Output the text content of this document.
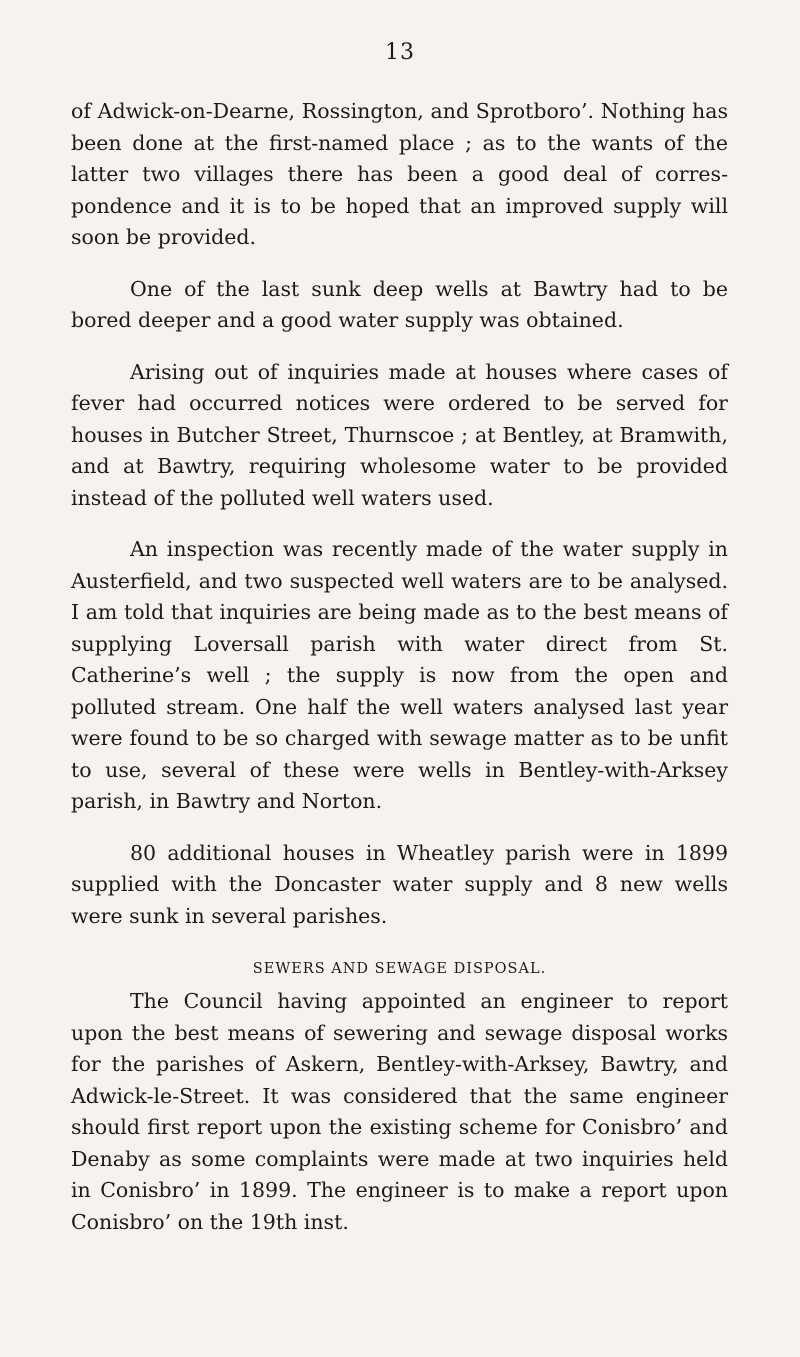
13

of Adwick-on-Dearne, Rossington, and Sprotboro’. Nothing has been done at the first-named place ; as to the wants of the latter two villages there has been a good deal of correspondence and it is to be hoped that an improved supply will soon be provided.

One of the last sunk deep wells at Bawtry had to be bored deeper and a good water supply was obtained.

Arising out of inquiries made at houses where cases of fever had occurred notices were ordered to be served for houses in Butcher Street, Thurnscoe ; at Bentley, at Bramwith, and at Bawtry, requiring wholesome water to be provided instead of the polluted well waters used.

An inspection was recently made of the water supply in Austerfield, and two suspected well waters are to be analysed. I am told that inquiries are being made as to the best means of supplying Loversall parish with water direct from St. Catherine’s well ; the supply is now from the open and polluted stream. One half the well waters analysed last year were found to be so charged with sewage matter as to be unfit to use, several of these were wells in Bentley-with-Arksey parish, in Bawtry and Norton.

80 additional houses in Wheatley parish were in 1899 supplied with the Doncaster water supply and 8 new wells were sunk in several parishes.

SEWERS AND SEWAGE DISPOSAL.

The Council having appointed an engineer to report upon the best means of sewering and sewage disposal works for the parishes of Askern, Bentley-with-Arksey, Bawtry, and Adwick-le-Street. It was considered that the same engineer should first report upon the existing scheme for Conisbro’ and Denaby as some complaints were made at two inquiries held in Conisbro’ in 1899. The engineer is to make a report upon Conisbro’ on the 19th inst.
